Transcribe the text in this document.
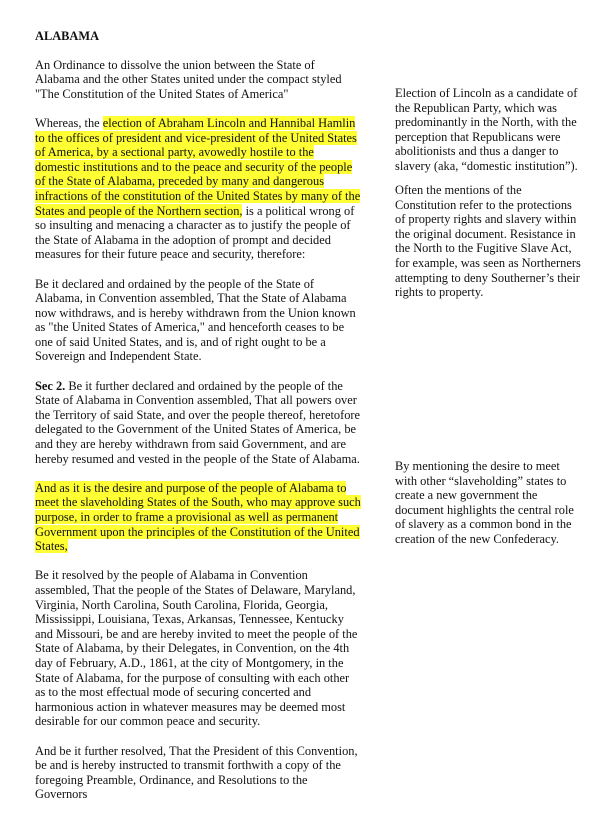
ALABAMA

An Ordinance to dissolve the union between the State of Alabama and the other States united under the compact styled "The Constitution of the United States of America"

Whereas, the election of Abraham Lincoln and Hannibal Hamlin to the offices of president and vice-president of the United States of America, by a sectional party, avowedly hostile to the domestic institutions and to the peace and security of the people of the State of Alabama, preceded by many and dangerous infractions of the constitution of the United States by many of the States and people of the Northern section, is a political wrong of so insulting and menacing a character as to justify the people of the State of Alabama in the adoption of prompt and decided measures for their future peace and security, therefore:

Be it declared and ordained by the people of the State of Alabama, in Convention assembled, That the State of Alabama now withdraws, and is hereby withdrawn from the Union known as "the United States of America," and henceforth ceases to be one of said United States, and is, and of right ought to be a Sovereign and Independent State.

Sec 2. Be it further declared and ordained by the people of the State of Alabama in Convention assembled, That all powers over the Territory of said State, and over the people thereof, heretofore delegated to the Government of the United States of America, be and they are hereby withdrawn from said Government, and are hereby resumed and vested in the people of the State of Alabama.

And as it is the desire and purpose of the people of Alabama to meet the slaveholding States of the South, who may approve such purpose, in order to frame a provisional as well as permanent Government upon the principles of the Constitution of the United States,

Be it resolved by the people of Alabama in Convention assembled, That the people of the States of Delaware, Maryland, Virginia, North Carolina, South Carolina, Florida, Georgia, Mississippi, Louisiana, Texas, Arkansas, Tennessee, Kentucky and Missouri, be and are hereby invited to meet the people of the State of Alabama, by their Delegates, in Convention, on the 4th day of February, A.D., 1861, at the city of Montgomery, in the State of Alabama, for the purpose of consulting with each other as to the most effectual mode of securing concerted and harmonious action in whatever measures may be deemed most desirable for our common peace and security.

And be it further resolved, That the President of this Convention, be and is hereby instructed to transmit forthwith a copy of the foregoing Preamble, Ordinance, and Resolutions to the Governors

Election of Lincoln as a candidate of the Republican Party, which was predominantly in the North, with the perception that Republicans were abolitionists and thus a danger to slavery (aka, “domestic institution”).
Often the mentions of the Constitution refer to the protections of property rights and slavery within the original document. Resistance in the North to the Fugitive Slave Act, for example, was seen as Northerners attempting to deny Southerner’s their rights to property.
By mentioning the desire to meet with other “slaveholding” states to create a new government the document highlights the central role of slavery as a common bond in the creation of the new Confederacy.
